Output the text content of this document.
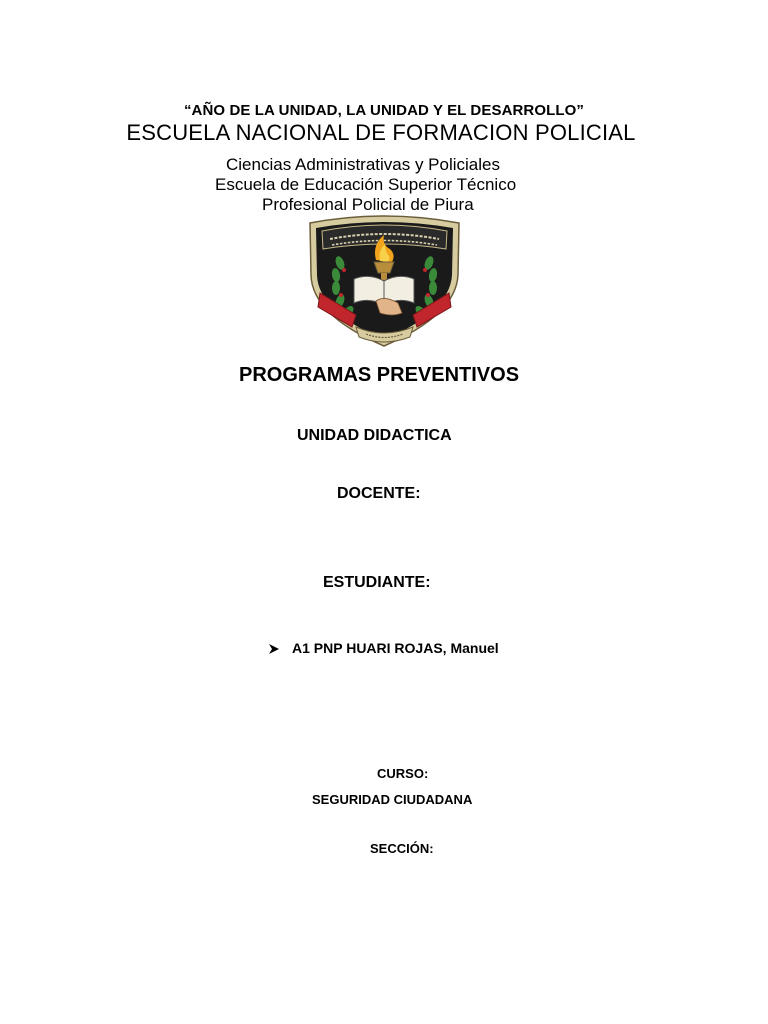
“AÑO DE LA UNIDAD, LA UNIDAD Y EL DESARROLLO”
ESCUELA NACIONAL DE FORMACION POLICIAL
Ciencias Administrativas y Policiales
Escuela de Educación Superior Técnico
Profesional Policial de Piura
PROGRAMAS PREVENTIVOS
UNIDAD DIDACTICA
DOCENTE:
ESTUDIANTE:
A1 PNP HUARI ROJAS, Manuel
CURSO:
SEGURIDAD CIUDADANA
SECCIÓN:
